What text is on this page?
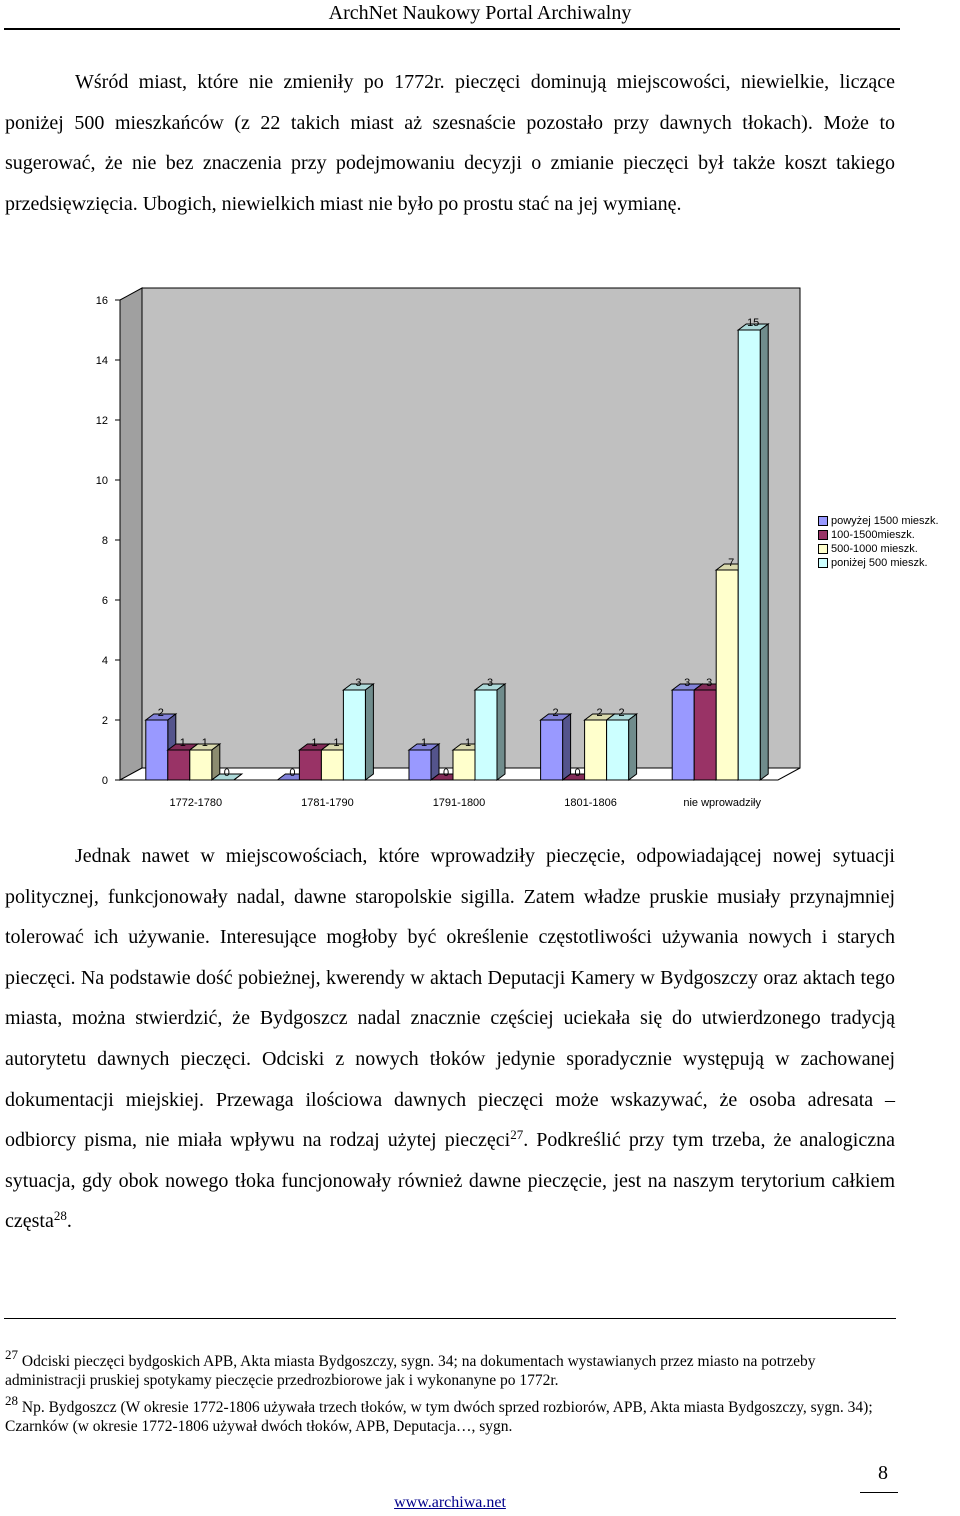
ArchNet Naukowy Portal Archiwalny

Wśród miast, które nie zmieniły po 1772r. pieczęci dominują miejscowości, niewielkie, liczące poniżej 500 mieszkańców (z 22 takich miast aż szesnaście pozostało przy dawnych tłokach). Może to sugerować, że nie bez znaczenia przy podejmowaniu decyzji o zmianie pieczęci był także koszt takiego przedsięwzięcia. Ubogich, niewielkich miast nie było po prostu stać na jej wymianę.

0
2
4
6
8
10
12
14
16
2
1 1
0
1772-1780
0
1 1
3
1781-1790
1
0
1
3
1791-1800
2
0
2 2
1801-1806
3 3
7
15
nie wprowadziły
powyżej 1500 mieszk.
100-1500mieszk.
500-1000 mieszk.
poniżej 500 mieszk.

Jednak nawet w miejscowościach, które wprowadziły pieczęcie, odpowiadającej nowej sytuacji politycznej, funkcjonowały nadal, dawne staropolskie sigilla. Zatem władze pruskie musiały przynajmniej tolerować ich używanie. Interesujące mogłoby być określenie częstotliwości używania nowych i starych pieczęci. Na podstawie dość pobieżnej, kwerendy w aktach Deputacji Kamery w Bydgoszczy oraz aktach tego miasta, można stwierdzić, że Bydgoszcz nadal znacznie częściej uciekała się do utwierdzonego tradycją autorytetu dawnych pieczęci. Odciski z nowych tłoków jedynie sporadycznie występują w zachowanej dokumentacji miejskiej. Przewaga ilościowa dawnych pieczęci może wskazywać, że osoba adresata – odbiorcy pisma, nie miała wpływu na rodzaj użytej pieczęci$^{27}$. Podkreślić przy tym trzeba, że analogiczna sytuacja, gdy obok nowego tłoka funcjonowały również dawne pieczęcie, jest na naszym terytorium całkiem częsta$^{28}$.

$^{27}$ Odciski pieczęci bydgoskich APB, Akta miasta Bydgoszczy, sygn. 34; na dokumentach wystawianych przez miasto na potrzeby administracji pruskiej spotykamy pieczęcie przedrozbiorowe jak i wykonanyne po 1772r.

$^{28}$ Np. Bydgoszcz (W okresie 1772-1806 używała trzech tłoków, w tym dwóch sprzed rozbiorów, APB, Akta miasta Bydgoszczy, sygn. 34); Czarnków (w okresie 1772-1806 używał dwóch tłoków, APB, Deputacja…, sygn.

8
www.archiwa.net
